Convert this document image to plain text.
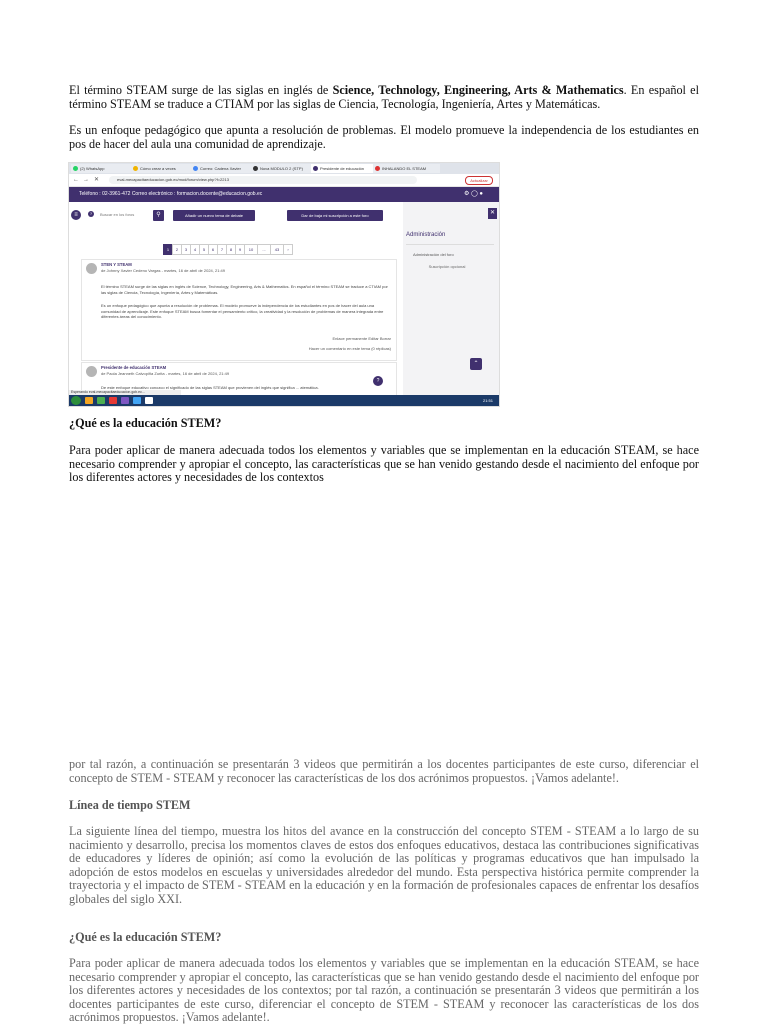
El término STEAM surge de las siglas en inglés de Science, Technology, Engineering, Arts & Mathematics. En español el término STEAM se traduce a CTIAM por las siglas de Ciencia, Tecnología, Ingeniería, Artes y Matemáticas.

Es un enfoque pedagógico que apunta a resolución de problemas. El modelo promueve la independencia de los estudiantes en pos de hacer del aula una comunidad de aprendizaje.

(2) WhatsApp	Cómo crear a veces	Correo: Cadena Xavier	Nova MODULO 2 (STP)	Presidente de educación	INHALANDO EL STEAM
← → ✕	eval-mecapacitaeducacion.gob.ec/mod/forum/view.php?f=2213	Actualizar
Teléfono : 02-3961-472 Correo electrónico : formacion.docente@educacion.gob.ec	⚙ ◯ ●
≡	?	Buscar en los foros	⚲	Añadir un nuevo tema de debate	Dar de baja mi suscripción a este foro
1	2	3	4	5	6	7	8	9	10	...	43	›
STEN Y STEAM
de Johnny Xavier Cedeno Vargas - martes, 16 de abril de 2024, 21:49
El término STEAM surge de las siglas en inglés de Science, Technology, Engineering, Arts & Mathematics. En español el término STEAM se traduce a CTIAM por las siglas de Ciencia, Tecnología, Ingeniería, Artes y Matemáticas.
Es un enfoque pedagógico que apunta a resolución de problemas. El modelo promueve la independencia de los estudiantes en pos de hacer del aula una comunidad de aprendizaje. Este enfoque STEAM busca fomentar el pensamiento crítico, la creatividad y la resolución de problemas de manera integrada entre diferentes áreas del conocimiento.
Enlace permanente Editar Borrar
Hacer un comentario en este tema (0 réplicas)
Presidente de educación STEAM
de Paola Jeanneth Calvopiña Zurita - martes, 16 de abril de 2024, 21:49
De este enfoque educativo conozco el significado de las siglas STEAM que provienen del inglés que significa ... atemática.
?
✕
Administración
Administración del foro
Suscripción opcional
⌃
Esperando eval-mecapacitaeducacion.gob.ec...
21:51
¿Qué es la educación STEM?

Para poder aplicar de manera adecuada todos los elementos y variables que se implementan en la educación STEAM, se hace necesario comprender y apropiar el concepto, las características que se han venido gestando desde el nacimiento del enfoque por los diferentes actores y necesidades de los contextos

por tal razón, a continuación se presentarán 3 videos que permitirán a los docentes participantes de este curso, diferenciar el concepto de STEM - STEAM y reconocer las características de los dos acrónimos propuestos. ¡Vamos adelante!.

Línea de tiempo STEM

La siguiente línea del tiempo, muestra los hitos del avance en la construcción del concepto STEM - STEAM a lo largo de su nacimiento y desarrollo, precisa los momentos claves de estos dos enfoques educativos, destaca las contribuciones significativas de educadores y líderes de opinión; así como la evolución de las políticas y programas educativos que han impulsado la adopción de estos modelos en escuelas y universidades alrededor del mundo. Esta perspectiva histórica permite comprender la trayectoria y el impacto de STEM - STEAM en la educación y en la formación de profesionales capaces de enfrentar los desafíos globales del siglo XXI.

¿Qué es la educación STEM?

Para poder aplicar de manera adecuada todos los elementos y variables que se implementan en la educación STEAM, se hace necesario comprender y apropiar el concepto, las características que se han venido gestando desde el nacimiento del enfoque por los diferentes actores y necesidades de los contextos; por tal razón, a continuación se presentarán 3 videos que permitirán a los docentes participantes de este curso, diferenciar el concepto de STEM - STEAM y reconocer las características de los dos acrónimos propuestos. ¡Vamos adelante!.
